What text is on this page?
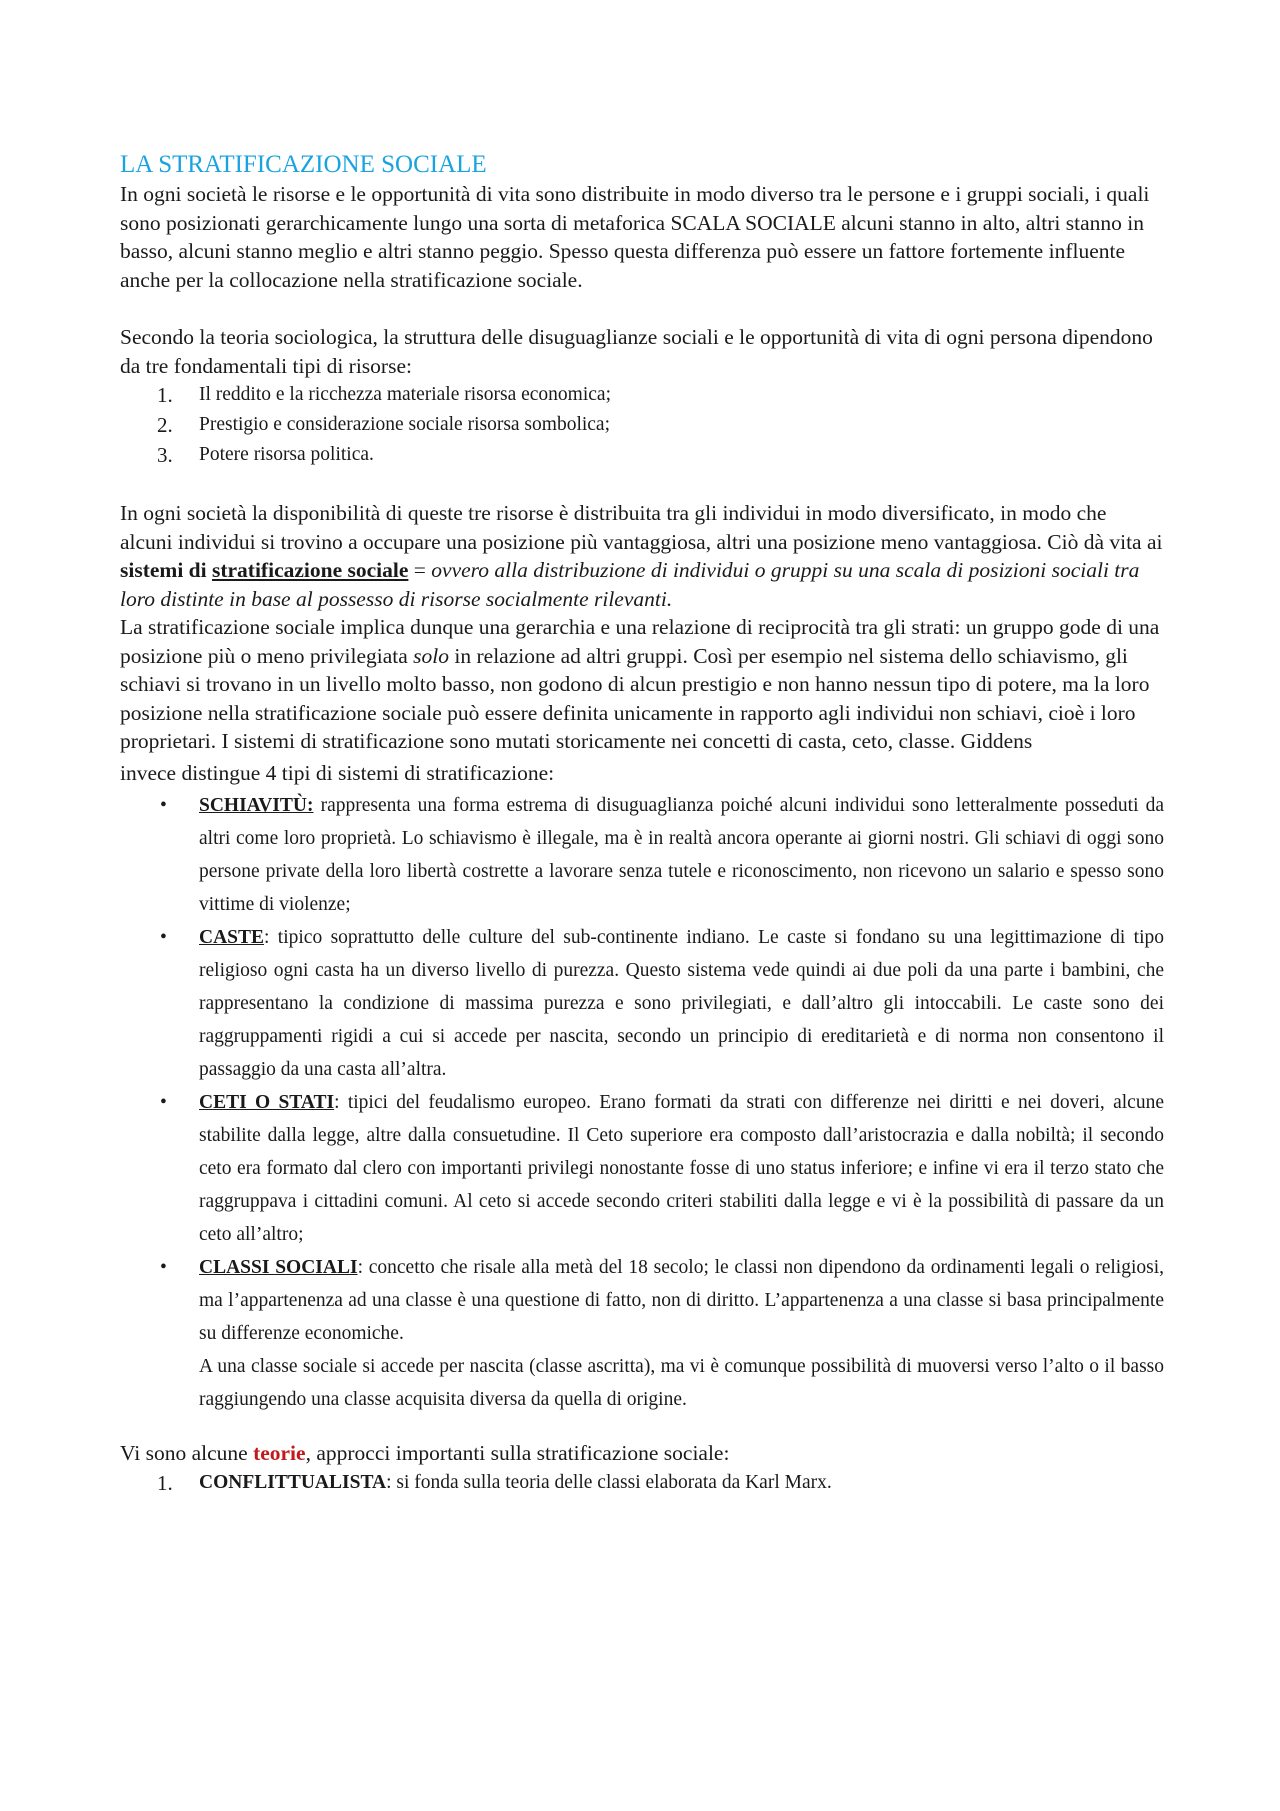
LA STRATIFICAZIONE SOCIALE

In ogni società le risorse e le opportunità di vita sono distribuite in modo diverso tra le persone e i gruppi sociali, i quali sono posizionati gerarchicamente lungo una sorta di metaforica SCALA SOCIALE alcuni stanno in alto, altri stanno in basso, alcuni stanno meglio e altri stanno peggio. Spesso questa differenza può essere un fattore fortemente influente anche per la collocazione nella stratificazione sociale.

Secondo la teoria sociologica, la struttura delle disuguaglianze sociali e le opportunità di vita di ogni persona dipendono da tre fondamentali tipi di risorse:

1. Il reddito e la ricchezza materiale risorsa economica;
2. Prestigio e considerazione sociale risorsa sombolica;
3. Potere risorsa politica.

In ogni società la disponibilità di queste tre risorse è distribuita tra gli individui in modo diversificato, in modo che alcuni individui si trovino a occupare una posizione più vantaggiosa, altri una posizione meno vantaggiosa. Ciò dà vita ai sistemi di stratificazione sociale = ovvero alla distribuzione di individui o gruppi su una scala di posizioni sociali tra loro distinte in base al possesso di risorse socialmente rilevanti.

La stratificazione sociale implica dunque una gerarchia e una relazione di reciprocità tra gli strati: un gruppo gode di una posizione più o meno privilegiata solo in relazione ad altri gruppi. Così per esempio nel sistema dello schiavismo, gli schiavi si trovano in un livello molto basso, non godono di alcun prestigio e non hanno nessun tipo di potere, ma la loro posizione nella stratificazione sociale può essere definita unicamente in rapporto agli individui non schiavi, cioè i loro proprietari. I sistemi di stratificazione sono mutati storicamente nei concetti di casta, ceto, classe. Giddens

invece distingue 4 tipi di sistemi di stratificazione:

• SCHIAVITÙ: rappresenta una forma estrema di disuguaglianza poiché alcuni individui sono letteralmente posseduti da altri come loro proprietà. Lo schiavismo è illegale, ma è in realtà ancora operante ai giorni nostri. Gli schiavi di oggi sono persone private della loro libertà costrette a lavorare senza tutele e riconoscimento, non ricevono un salario e spesso sono vittime di violenze;
• CASTE: tipico soprattutto delle culture del sub-continente indiano. Le caste si fondano su una legittimazione di tipo religioso ogni casta ha un diverso livello di purezza. Questo sistema vede quindi ai due poli da una parte i bambini, che rappresentano la condizione di massima purezza e sono privilegiati, e dall’altro gli intoccabili. Le caste sono dei raggruppamenti rigidi a cui si accede per nascita, secondo un principio di ereditarietà e di norma non consentono il passaggio da una casta all’altra.
• CETI O STATI: tipici del feudalismo europeo. Erano formati da strati con differenze nei diritti e nei doveri, alcune stabilite dalla legge, altre dalla consuetudine. Il Ceto superiore era composto dall’aristocrazia e dalla nobiltà; il secondo ceto era formato dal clero con importanti privilegi nonostante fosse di uno status inferiore; e infine vi era il terzo stato che raggruppava i cittadini comuni. Al ceto si accede secondo criteri stabiliti dalla legge e vi è la possibilità di passare da un ceto all’altro;
• CLASSI SOCIALI: concetto che risale alla metà del 18 secolo; le classi non dipendono da ordinamenti legali o religiosi, ma l’appartenenza ad una classe è una questione di fatto, non di diritto. L’appartenenza a una classe si basa principalmente su differenze economiche.
A una classe sociale si accede per nascita (classe ascritta), ma vi è comunque possibilità di muoversi verso l’alto o il basso raggiungendo una classe acquisita diversa da quella di origine.

Vi sono alcune teorie, approcci importanti sulla stratificazione sociale:

1. CONFLITTUALISTA: si fonda sulla teoria delle classi elaborata da Karl Marx.
